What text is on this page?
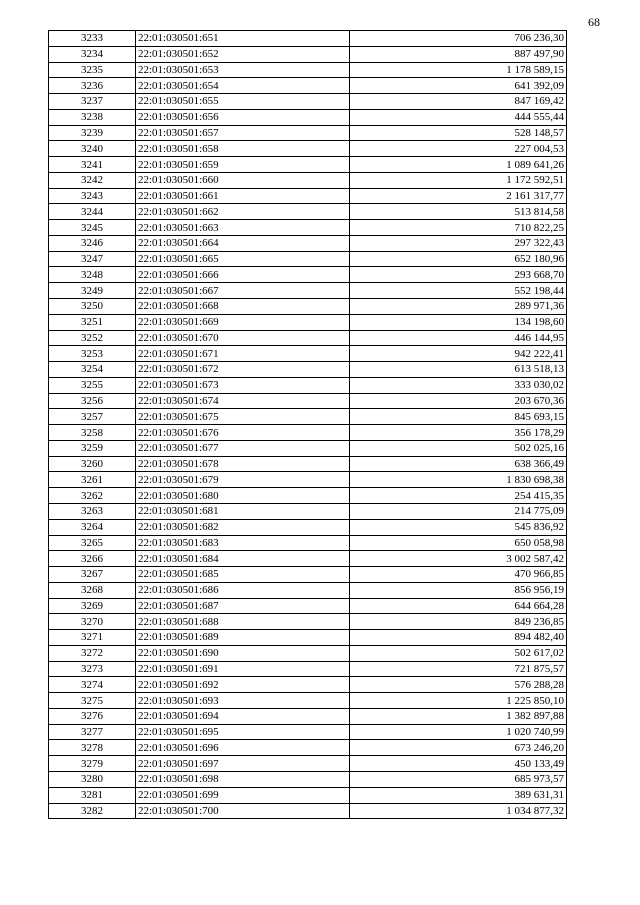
68
3233	22:01:030501:651	706 236,30
3234	22:01:030501:652	887 497,90
3235	22:01:030501:653	1 178 589,15
3236	22:01:030501:654	641 392,09
3237	22:01:030501:655	847 169,42
3238	22:01:030501:656	444 555,44
3239	22:01:030501:657	528 148,57
3240	22:01:030501:658	227 004,53
3241	22:01:030501:659	1 089 641,26
3242	22:01:030501:660	1 172 592,51
3243	22:01:030501:661	2 161 317,77
3244	22:01:030501:662	513 814,58
3245	22:01:030501:663	710 822,25
3246	22:01:030501:664	297 322,43
3247	22:01:030501:665	652 180,96
3248	22:01:030501:666	293 668,70
3249	22:01:030501:667	552 198,44
3250	22:01:030501:668	289 971,36
3251	22:01:030501:669	134 198,60
3252	22:01:030501:670	446 144,95
3253	22:01:030501:671	942 222,41
3254	22:01:030501:672	613 518,13
3255	22:01:030501:673	333 030,02
3256	22:01:030501:674	203 670,36
3257	22:01:030501:675	845 693,15
3258	22:01:030501:676	356 178,29
3259	22:01:030501:677	502 025,16
3260	22:01:030501:678	638 366,49
3261	22:01:030501:679	1 830 698,38
3262	22:01:030501:680	254 415,35
3263	22:01:030501:681	214 775,09
3264	22:01:030501:682	545 836,92
3265	22:01:030501:683	650 058,98
3266	22:01:030501:684	3 002 587,42
3267	22:01:030501:685	470 966,85
3268	22:01:030501:686	856 956,19
3269	22:01:030501:687	644 664,28
3270	22:01:030501:688	849 236,85
3271	22:01:030501:689	894 482,40
3272	22:01:030501:690	502 617,02
3273	22:01:030501:691	721 875,57
3274	22:01:030501:692	576 288,28
3275	22:01:030501:693	1 225 850,10
3276	22:01:030501:694	1 382 897,88
3277	22:01:030501:695	1 020 740,99
3278	22:01:030501:696	673 246,20
3279	22:01:030501:697	450 133,49
3280	22:01:030501:698	685 973,57
3281	22:01:030501:699	389 631,31
3282	22:01:030501:700	1 034 877,32
